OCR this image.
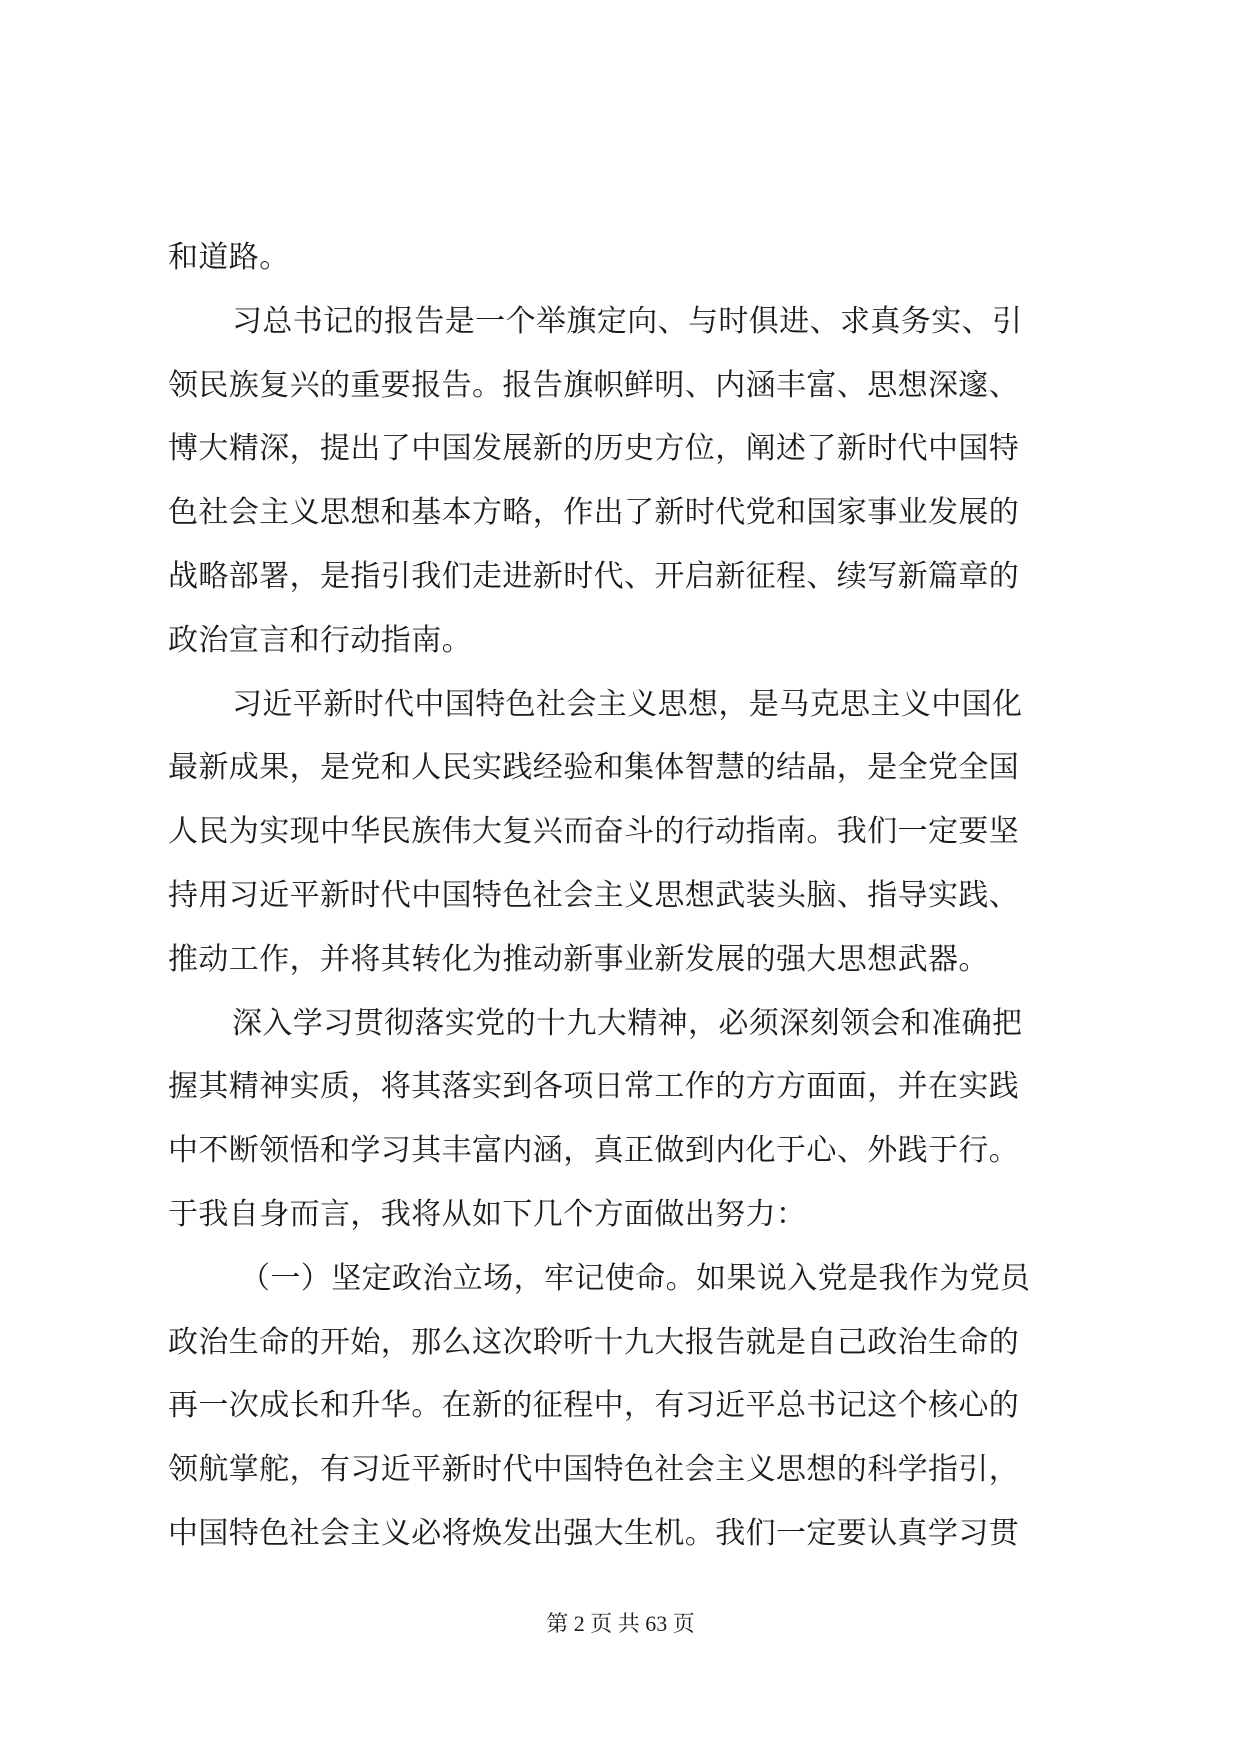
和道路。
习总书记的报告是一个举旗定向、与时俱进、求真务实、引
领民族复兴的重要报告。报告旗帜鲜明、内涵丰富、思想深邃、
博大精深，提出了中国发展新的历史方位，阐述了新时代中国特
色社会主义思想和基本方略，作出了新时代党和国家事业发展的
战略部署，是指引我们走进新时代、开启新征程、续写新篇章的
政治宣言和行动指南。
习近平新时代中国特色社会主义思想，是马克思主义中国化
最新成果，是党和人民实践经验和集体智慧的结晶，是全党全国
人民为实现中华民族伟大复兴而奋斗的行动指南。我们一定要坚
持用习近平新时代中国特色社会主义思想武装头脑、指导实践、
推动工作，并将其转化为推动新事业新发展的强大思想武器。
深入学习贯彻落实党的十九大精神，必须深刻领会和准确把
握其精神实质，将其落实到各项日常工作的方方面面，并在实践
中不断领悟和学习其丰富内涵，真正做到内化于心、外践于行。
于我自身而言，我将从如下几个方面做出努力：
（一）坚定政治立场，牢记使命。如果说入党是我作为党员
政治生命的开始，那么这次聆听十九大报告就是自己政治生命的
再一次成长和升华。在新的征程中，有习近平总书记这个核心的
领航掌舵，有习近平新时代中国特色社会主义思想的科学指引，
中国特色社会主义必将焕发出强大生机。我们一定要认真学习贯
第 2 页 共 63 页
